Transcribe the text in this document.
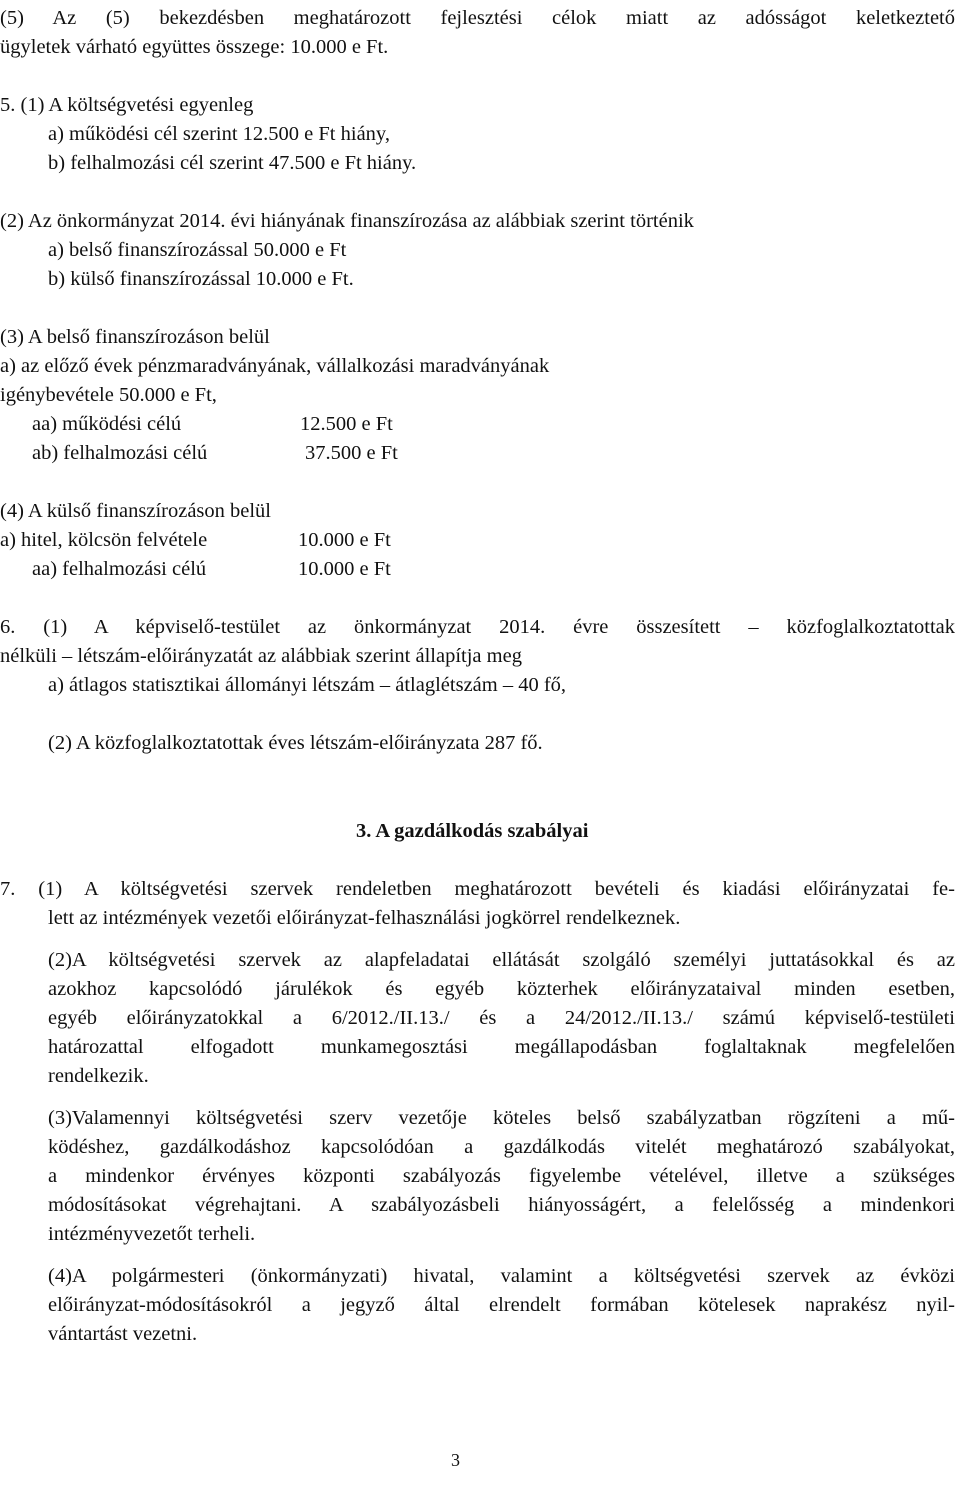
(5) Az (5) bekezdésben meghatározott fejlesztési célok miatt az adósságot keletkeztető
ügyletek várható együttes összege: 10.000 e Ft.
5. (1) A költségvetési egyenleg
a) működési cél szerint 12.500 e Ft hiány,
b) felhalmozási cél szerint 47.500 e Ft hiány.
(2) Az önkormányzat 2014. évi hiányának finanszírozása az alábbiak szerint történik
a) belső finanszírozással 50.000 e Ft
b) külső finanszírozással 10.000 e Ft.
(3) A belső finanszírozáson belül
a) az előző évek pénzmaradványának, vállalkozási maradványának
igénybevétele 50.000 e Ft,
aa) működési célú	12.500 e Ft
ab) felhalmozási célú	37.500 e Ft
(4) A külső finanszírozáson belül
a) hitel, kölcsön felvétele	10.000 e Ft
aa) felhalmozási célú	10.000 e Ft
6. (1) A képviselő-testület az önkormányzat 2014. évre összesített – közfoglalkoztatottak
nélküli – létszám-előirányzatát az alábbiak szerint állapítja meg
a) átlagos statisztikai állományi létszám – átlaglétszám – 40 fő,
(2) A közfoglalkoztatottak éves létszám-előirányzata 287 fő.
3. A gazdálkodás szabályai
7. (1) A költségvetési szervek rendeletben meghatározott bevételi és kiadási előirányzatai fe-
lett az intézmények vezetői előirányzat-felhasználási jogkörrel rendelkeznek.
(2)A költségvetési szervek az alapfeladatai ellátását szolgáló személyi juttatásokkal és az
azokhoz kapcsolódó járulékok és egyéb közterhek előirányzataival minden esetben,
egyéb előirányzatokkal a 6/2012./II.13./ és a 24/2012./II.13./ számú képviselő-testületi
határozattal elfogadott munkamegosztási megállapodásban foglaltaknak megfelelően
rendelkezik.
(3)Valamennyi költségvetési szerv vezetője köteles belső szabályzatban rögzíteni a mű-
ködéshez, gazdálkodáshoz kapcsolódóan a gazdálkodás vitelét meghatározó szabályokat,
a mindenkor érvényes központi szabályozás figyelembe vételével, illetve a szükséges
módosításokat végrehajtani. A szabályozásbeli hiányosságért, a felelősség a mindenkori
intézményvezetőt terheli.
(4)A polgármesteri (önkormányzati) hivatal, valamint a költségvetési szervek az évközi
előirányzat-módosításokról a jegyző által elrendelt formában kötelesek naprakész nyil-
vántartást vezetni.
3
